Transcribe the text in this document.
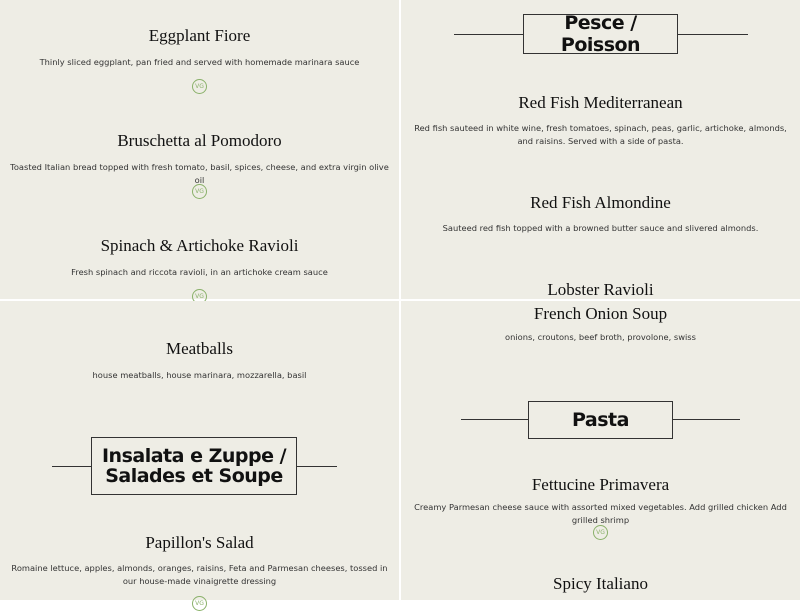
Eggplant Fiore
Thinly sliced eggplant, pan fried and served with homemade marinara sauce
VG
Bruschetta al Pomodoro
Toasted Italian bread topped with fresh tomato, basil, spices, cheese, and extra virgin olive oil
VG
Spinach & Artichoke Ravioli
Fresh spinach and riccota ravioli, in an artichoke cream sauce
VG
Pesce / Poisson
Red Fish Mediterranean
Red fish sauteed in white wine, fresh tomatoes, spinach, peas, garlic, artichoke, almonds, and raisins. Served with a side of pasta.
Red Fish Almondine
Sauteed red fish topped with a browned butter sauce and slivered almonds.
Lobster Ravioli
Meatballs
house meatballs, house marinara, mozzarella, basil
Insalata e Zuppe /
Salades et Soupe
Papillon's Salad
Romaine lettuce, apples, almonds, oranges, raisins, Feta and Parmesan cheeses, tossed in our house-made vinaigrette dressing
VG
French Onion Soup
onions, croutons, beef broth, provolone, swiss
Pasta
Fettucine Primavera
Creamy Parmesan cheese sauce with assorted mixed vegetables. Add grilled chicken Add grilled shrimp
VG
Spicy Italiano
